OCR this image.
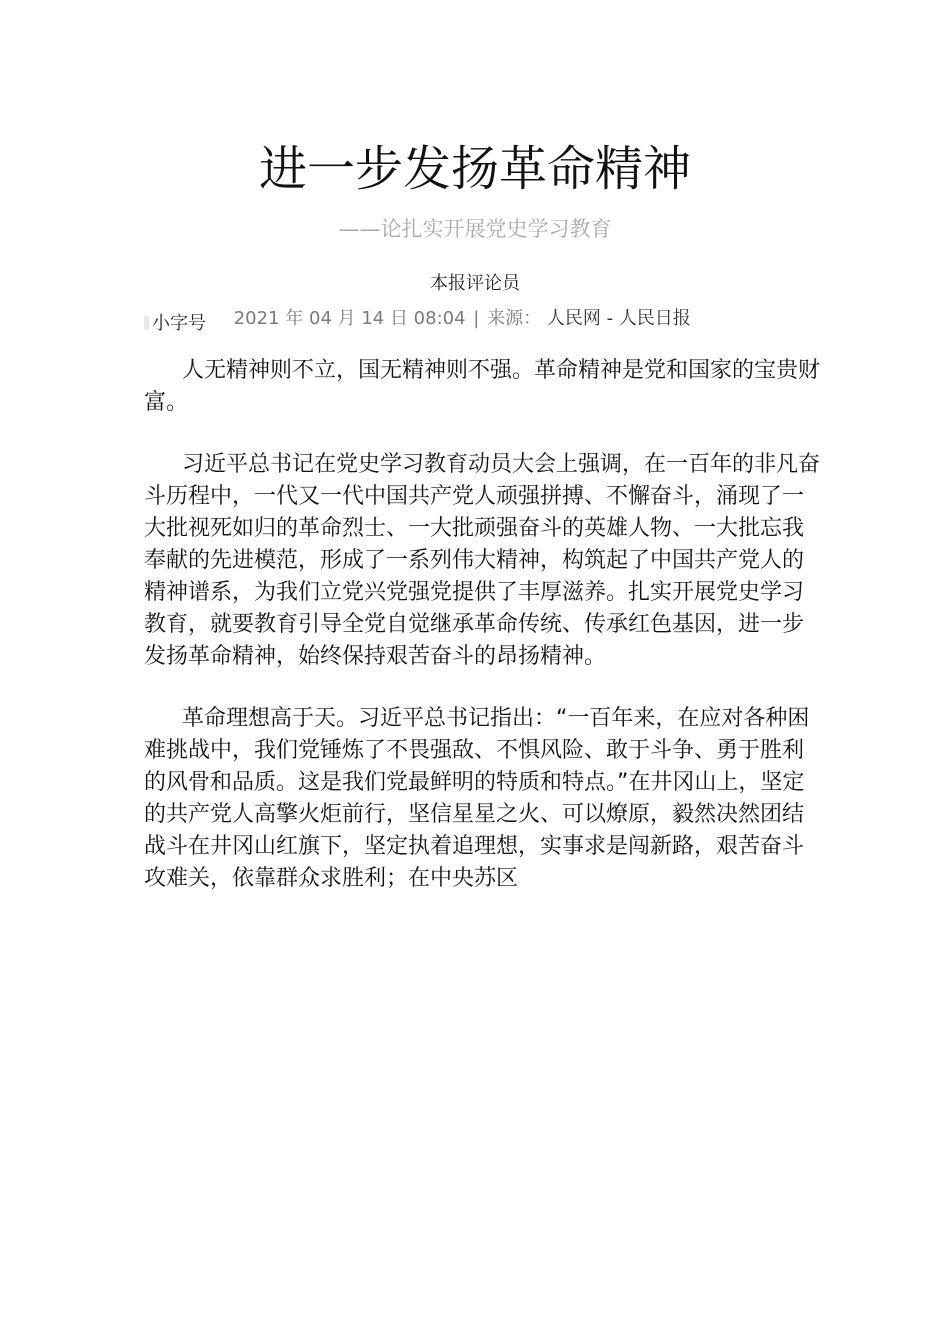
进一步发扬革命精神
——论扎实开展党史学习教育
本报评论员
小字号 2021 年 04 月 14 日 08:04 | 来源： 人民网 - 人民日报

人无精神则不立，国无精神则不强。革命精神是党和国家的宝贵财富。

习近平总书记在党史学习教育动员大会上强调，在一百年的非凡奋斗历程中，一代又一代中国共产党人顽强拼搏、不懈奋斗，涌现了一大批视死如归的革命烈士、一大批顽强奋斗的英雄人物、一大批忘我奉献的先进模范，形成了一系列伟大精神，构筑起了中国共产党人的精神谱系，为我们立党兴党强党提供了丰厚滋养。扎实开展党史学习教育，就要教育引导全党自觉继承革命传统、传承红色基因，进一步发扬革命精神，始终保持艰苦奋斗的昂扬精神。

革命理想高于天。习近平总书记指出：“一百年来，在应对各种困难挑战中，我们党锤炼了不畏强敌、不惧风险、敢于斗争、勇于胜利的风骨和品质。这是我们党最鲜明的特质和特点。”在井冈山上，坚定的共产党人高擎火炬前行，坚信星星之火、可以燎原，毅然决然团结战斗在井冈山红旗下，坚定执着追理想，实事求是闯新路，艰苦奋斗攻难关，依靠群众求胜利；在中央苏区
